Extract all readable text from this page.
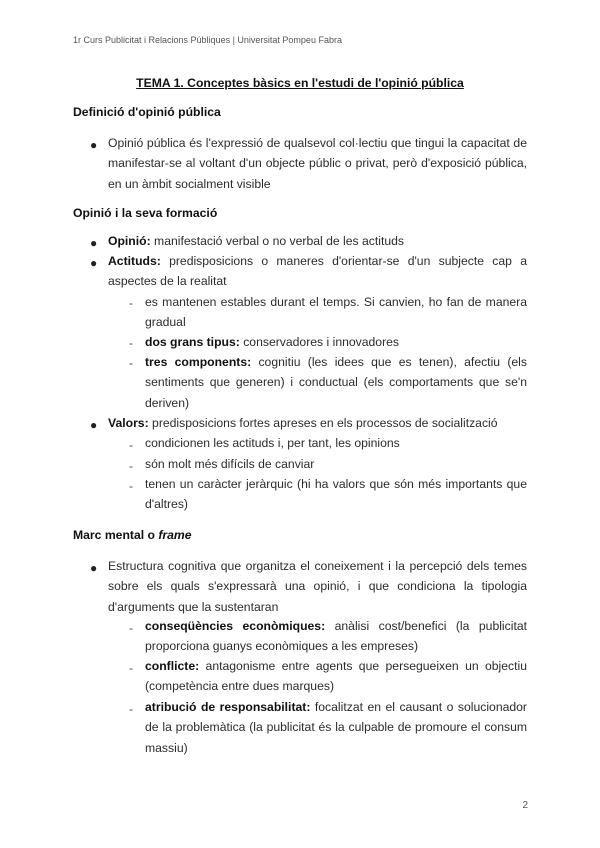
1r Curs Publicitat i Relacions Públiques | Universitat Pompeu Fabra
TEMA 1. Conceptes bàsics en l'estudi de l'opinió pública
Definició d'opinió pública
● Opinió pública és l'expressió de qualsevol col·lectiu que tingui la capacitat de manifestar-se al voltant d'un objecte públic o privat, però d'exposició pública, en un àmbit socialment visible
Opinió i la seva formació
● Opinió: manifestació verbal o no verbal de les actituds
● Actituds: predisposicions o maneres d'orientar-se d'un subjecte cap a aspectes de la realitat
- es mantenen estables durant el temps. Si canvien, ho fan de manera gradual
- dos grans tipus: conservadores i innovadores
- tres components: cognitiu (les idees que es tenen), afectiu (els sentiments que generen) i conductual (els comportaments que se'n deriven)
● Valors: predisposicions fortes apreses en els processos de socialització
- condicionen les actituds i, per tant, les opinions
- són molt més difícils de canviar
- tenen un caràcter jeràrquic (hi ha valors que són més importants que d'altres)
Marc mental o frame
● Estructura cognitiva que organitza el coneixement i la percepció dels temes sobre els quals s'expressarà una opinió, i que condiciona la tipologia d'arguments que la sustentaran
- conseqüències econòmiques: anàlisi cost/benefici (la publicitat proporciona guanys econòmiques a les empreses)
- conflicte: antagonisme entre agents que persegueixen un objectiu (competència entre dues marques)
- atribució de responsabilitat: focalitzat en el causant o solucionador de la problemàtica (la publicitat és la culpable de promoure el consum massiu)
2
